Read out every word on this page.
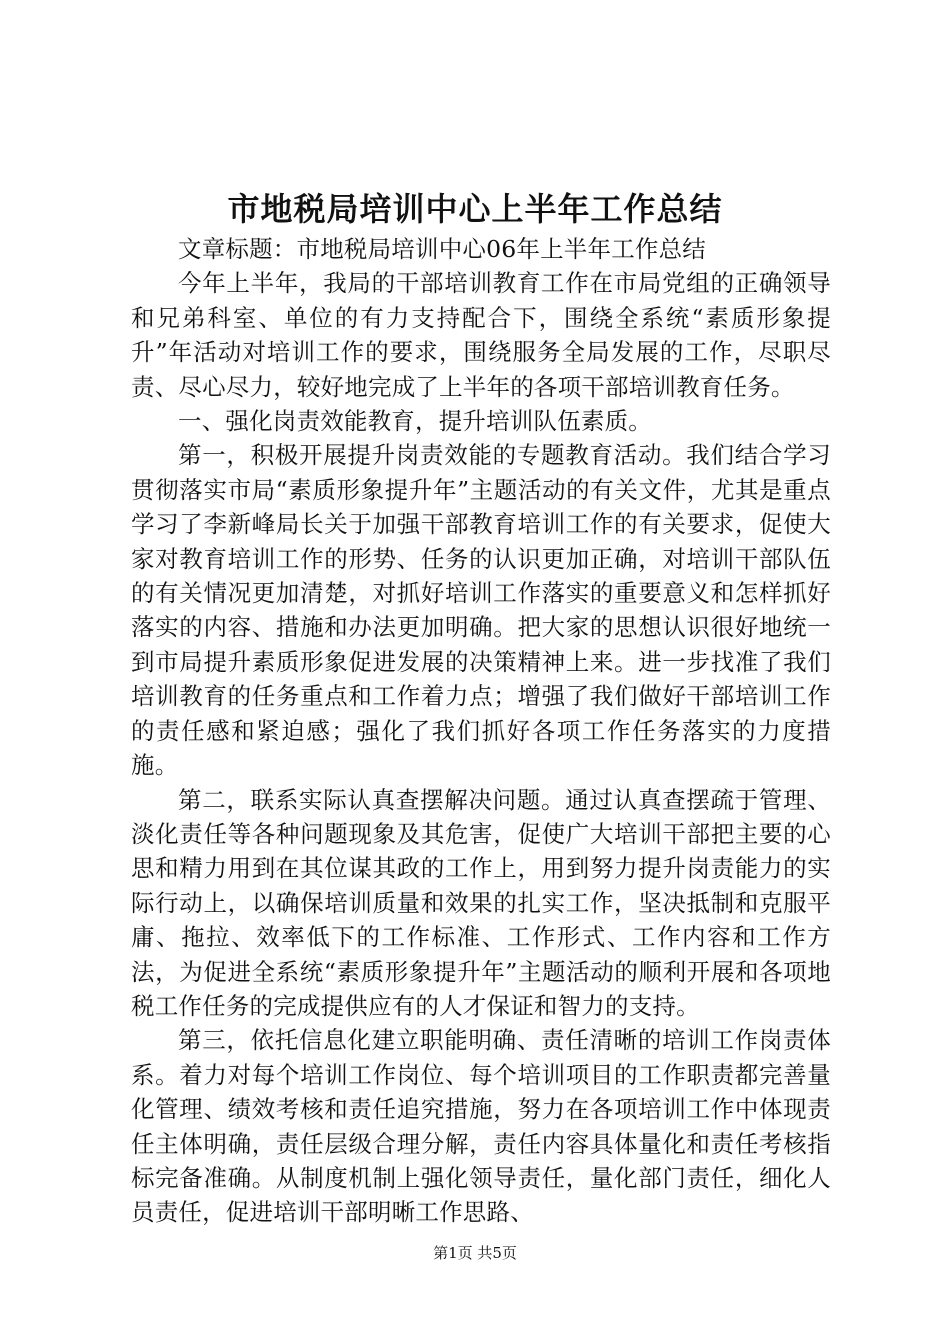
市地税局培训中心上半年工作总结

文章标题：市地税局培训中心06年上半年工作总结

今年上半年，我局的干部培训教育工作在市局党组的正确领导和兄弟科室、单位的有力支持配合下，围绕全系统“素质形象提升”年活动对培训工作的要求，围绕服务全局发展的工作，尽职尽责、尽心尽力，较好地完成了上半年的各项干部培训教育任务。

一、强化岗责效能教育，提升培训队伍素质。

第一，积极开展提升岗责效能的专题教育活动。我们结合学习贯彻落实市局“素质形象提升年”主题活动的有关文件，尤其是重点学习了李新峰局长关于加强干部教育培训工作的有关要求，促使大家对教育培训工作的形势、任务的认识更加正确，对培训干部队伍的有关情况更加清楚，对抓好培训工作落实的重要意义和怎样抓好落实的内容、措施和办法更加明确。把大家的思想认识很好地统一到市局提升素质形象促进发展的决策精神上来。进一步找准了我们培训教育的任务重点和工作着力点；增强了我们做好干部培训工作的责任感和紧迫感；强化了我们抓好各项工作任务落实的力度措施。

第二，联系实际认真查摆解决问题。通过认真查摆疏于管理、淡化责任等各种问题现象及其危害，促使广大培训干部把主要的心思和精力用到在其位谋其政的工作上，用到努力提升岗责能力的实际行动上，以确保培训质量和效果的扎实工作，坚决抵制和克服平庸、拖拉、效率低下的工作标准、工作形式、工作内容和工作方法，为促进全系统“素质形象提升年”主题活动的顺利开展和各项地税工作任务的完成提供应有的人才保证和智力的支持。

第三，依托信息化建立职能明确、责任清晰的培训工作岗责体系。着力对每个培训工作岗位、每个培训项目的工作职责都完善量化管理、绩效考核和责任追究措施，努力在各项培训工作中体现责任主体明确，责任层级合理分解，责任内容具体量化和责任考核指标完备准确。从制度机制上强化领导责任，量化部门责任，细化人员责任，促进培训干部明晰工作思路、

第1页 共5页
